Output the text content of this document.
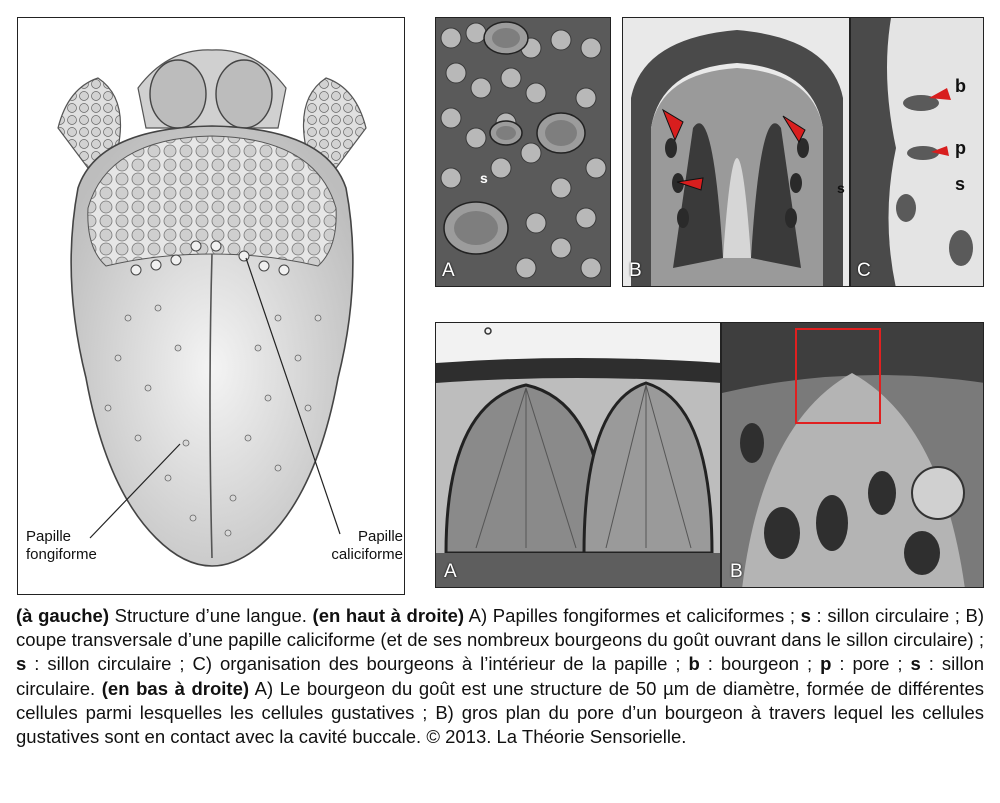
Papille
fongiforme
Papille
caliciforme
s
A
s
B
b
p
s
C
A	B
(à gauche) Structure d’une langue. (en haut à droite) A) Papilles fongiformes et caliciformes ; s : sillon circulaire ; B) coupe transversale d’une papille caliciforme (et de ses nombreux bourgeons du goût ouvrant dans le sillon circulaire) ; s : sillon circulaire ; C) organisation des bourgeons à l’intérieur de la papille ; b : bourgeon ; p : pore ; s : sillon circulaire. (en bas à droite) A) Le bourgeon du goût est une structure de 50 µm de diamètre, formée de différentes cellules parmi lesquelles les cellules gustatives ; B) gros plan du pore d’un bourgeon à travers lequel les cellules gustatives sont en contact avec la cavité buccale. © 2013. La Théorie Sensorielle.
